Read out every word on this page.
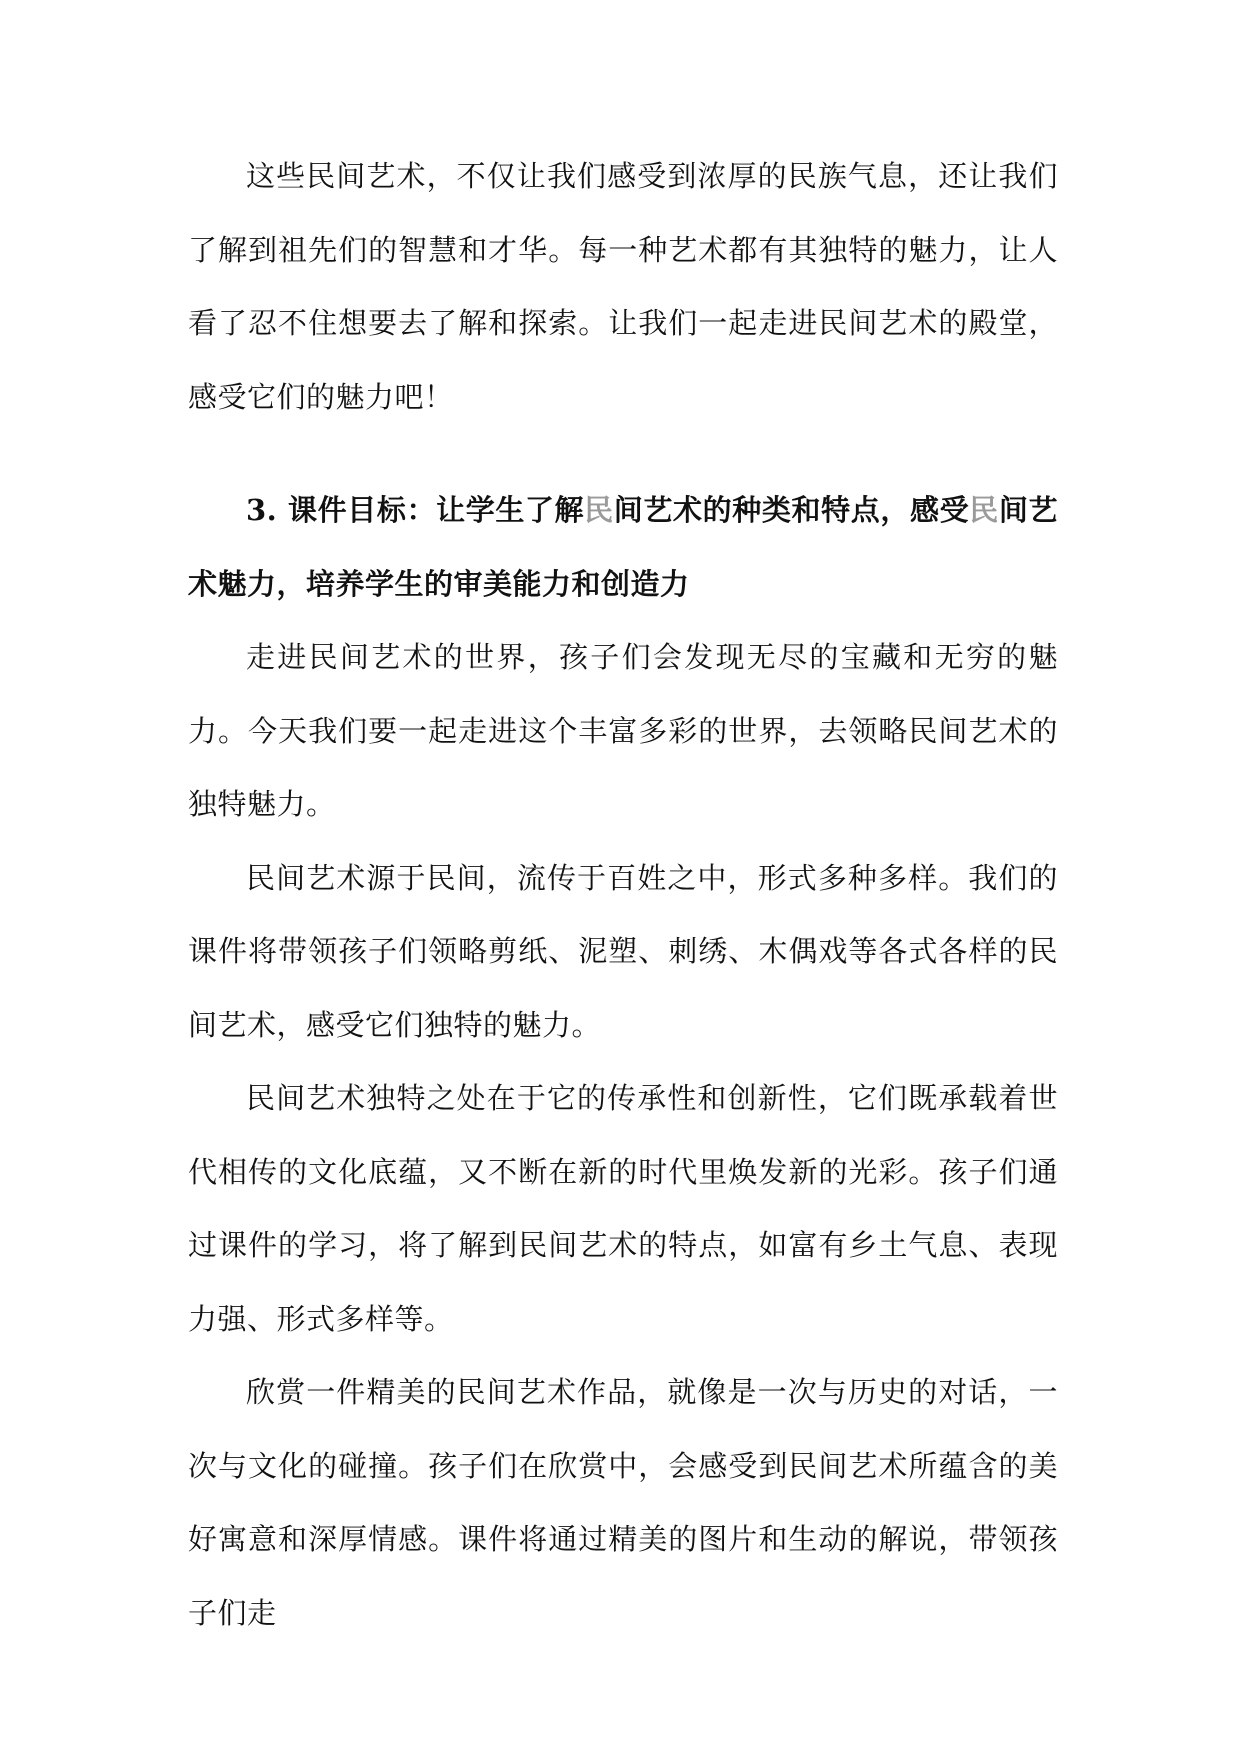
这些民间艺术，不仅让我们感受到浓厚的民族气息，还让我们了解到祖先们的智慧和才华。每一种艺术都有其独特的魅力，让人看了忍不住想要去了解和探索。让我们一起走进民间艺术的殿堂，感受它们的魅力吧！

3. 课件目标：让学生了解民间艺术的种类和特点，感受民间艺术魅力，培养学生的审美能力和创造力

走进民间艺术的世界，孩子们会发现无尽的宝藏和无穷的魅力。今天我们要一起走进这个丰富多彩的世界，去领略民间艺术的独特魅力。

民间艺术源于民间，流传于百姓之中，形式多种多样。我们的课件将带领孩子们领略剪纸、泥塑、刺绣、木偶戏等各式各样的民间艺术，感受它们独特的魅力。

民间艺术独特之处在于它的传承性和创新性，它们既承载着世代相传的文化底蕴，又不断在新的时代里焕发新的光彩。孩子们通过课件的学习，将了解到民间艺术的特点，如富有乡土气息、表现力强、形式多样等。

欣赏一件精美的民间艺术作品，就像是一次与历史的对话，一次与文化的碰撞。孩子们在欣赏中，会感受到民间艺术所蕴含的美好寓意和深厚情感。课件将通过精美的图片和生动的解说，带领孩子们走
